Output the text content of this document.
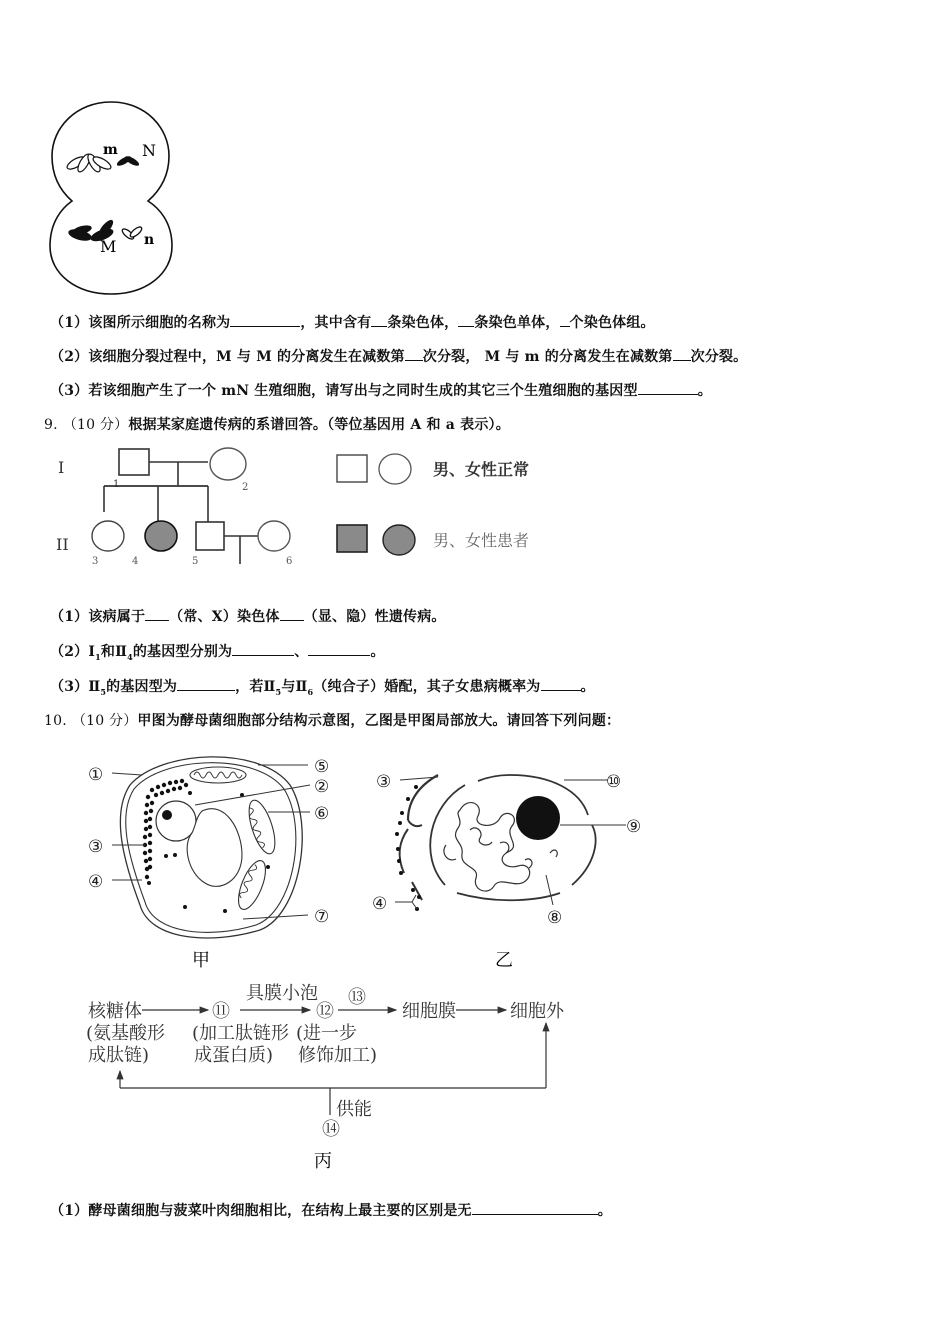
m N
M n
（1）该图所示细胞的名称为	，其中含有 条染色体， 条染色单体， 个染色体组。
（2）该细胞分裂过程中，M 与 M 的分离发生在减数第 次分裂， M 与 m 的分离发生在减数第 次分裂。
（3）若该细胞产生了一个 mN 生殖细胞，请写出与之同时生成的其它三个生殖细胞的基因型	。
9. （10 分）根据某家庭遗传病的系谱回答。（等位基因用 A 和 a 表示）。
I
II
1	2
3	4	5	6
男、女性正常
男、女性患者
（1）该病属于 （常、X）染色体 （显、隐）性遗传病。
$(2)Ⅰ_1$和$Ⅱ_4$的基因型分别为	、	。
$(3)Ⅱ_5$的基因型为	，若$Ⅱ_5$与$Ⅱ_6$（纯合子）婚配，其子女患病概率为	。
10. （10 分）甲图为酵母菌细胞部分结构示意图，乙图是甲图局部放大。请回答下列问题：
①
②
③
④
⑤
⑥
⑦
甲
③
④
⑧
⑨
⑩
乙
核糖体
(氨基酸形
成肽链)
⑪
(加工肽链形
成蛋白质)
具膜小泡
⑫
(进一步
修饰加工)
⑬
细胞膜	细胞外
供能
⑭
丙
（1）酵母菌细胞与菠菜叶肉细胞相比，在结构上最主要的区别是无	。
